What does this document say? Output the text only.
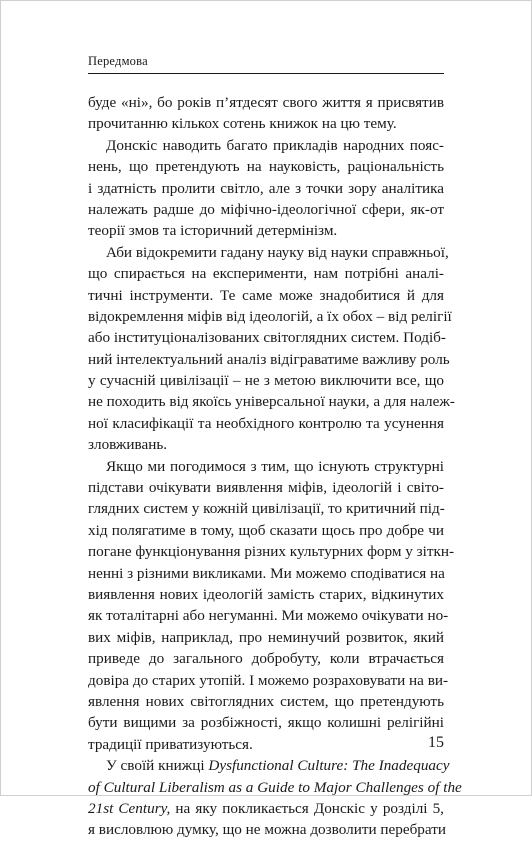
Передмова
буде «ні», бо років п’ятдесят свого життя я присвятив
прочитанню кількох сотень книжок на цю тему.
Донскіс наводить багато прикладів народних пояс-
нень, що претендують на науковість, раціональність
і здатність пролити світло, але з точки зору аналітика
належать радше до міфічно-ідеологічної сфери, як-от
теорії змов та історичний детермінізм.
Аби відокремити гадану науку від науки справжньої,
що спирається на експерименти, нам потрібні аналі-
тичні інструменти. Те саме може знадобитися й для
відокремлення міфів від ідеологій, а їх обох – від релігії
або інституціоналізованих світоглядних систем. Подіб-
ний інтелектуальний аналіз відіграватиме важливу роль
у сучасній цивілізації – не з метою виключити все, що
не походить від якоїсь універсальної науки, а для належ-
ної класифікації та необхідного контролю та усунення
зловживань.
Якщо ми погодимося з тим, що існують структурні
підстави очікувати виявлення міфів, ідеологій і світо-
глядних систем у кожній цивілізації, то критичний під-
хід полягатиме в тому, щоб сказати щось про добре чи
погане функціонування різних культурних форм у зіткн-
ненні з різними викликами. Ми можемо сподіватися на
виявлення нових ідеологій замість старих, відкинутих
як тоталітарні або негуманні. Ми можемо очікувати но-
вих міфів, наприклад, про неминучий розвиток, який
приведе до загального добробуту, коли втрачається
довіра до старих утопій. І можемо розраховувати на ви-
явлення нових світоглядних систем, що претендують
бути вищими за розбіжності, якщо колишні релігійні
традиції приватизуються.
У своїй книжці Dysfunctional Culture: The Inadequacy
of Cultural Liberalism as a Guide to Major Challenges of the
21st Century, на яку покликається Донскіс у розділі 5,
я висловлюю думку, що не можна дозволити перебрати
15
